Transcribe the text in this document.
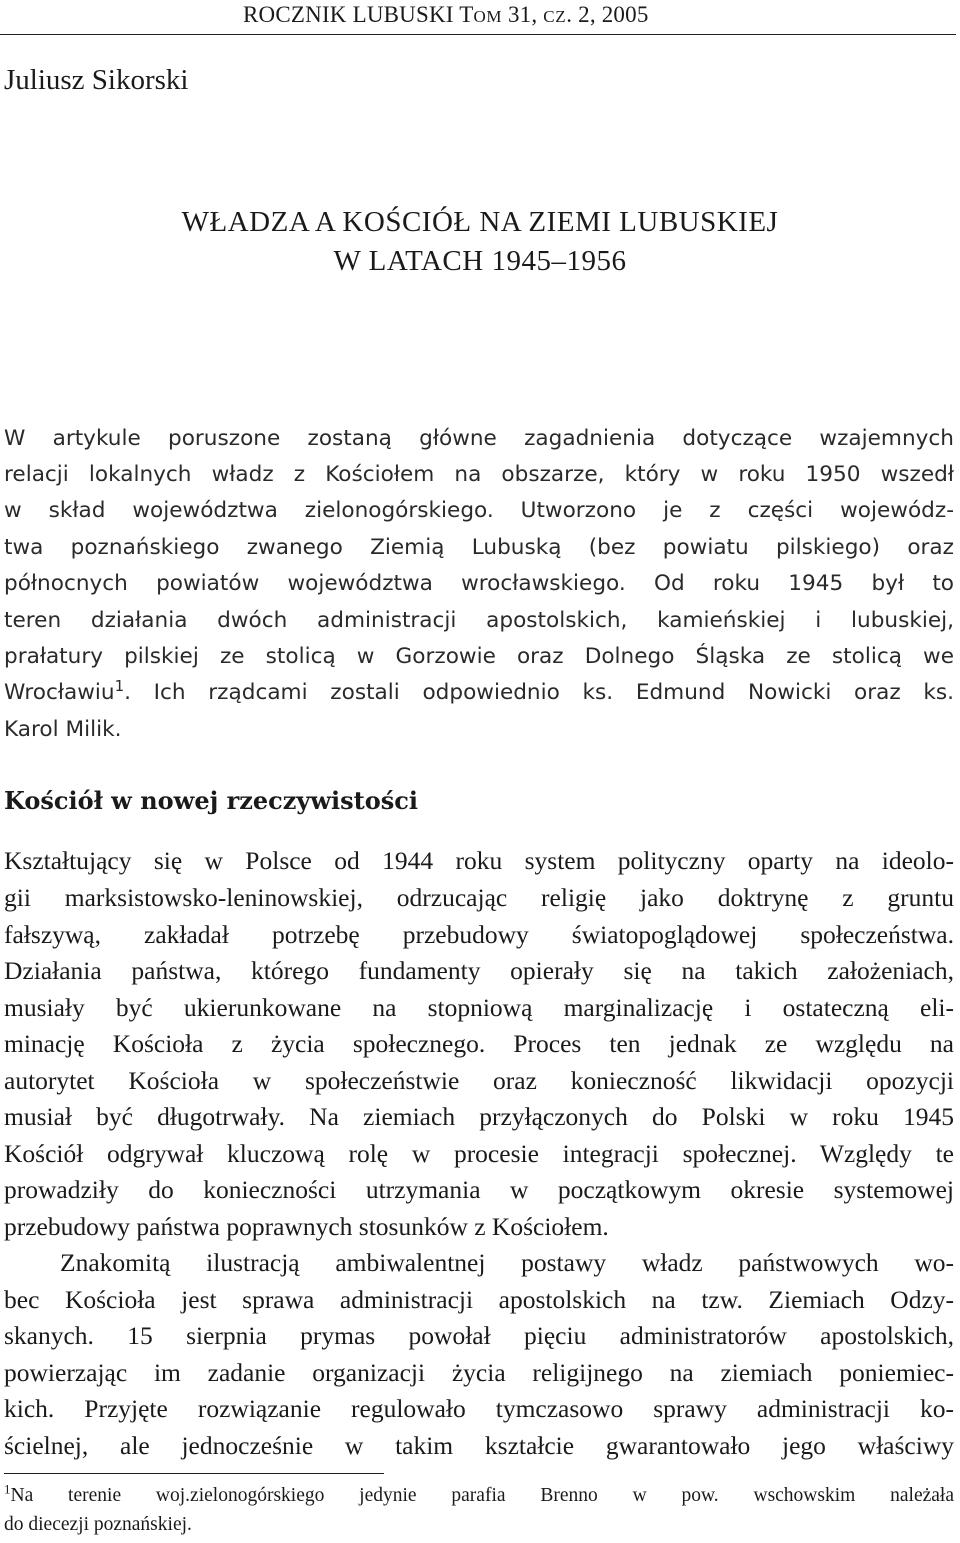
ROCZNIK LUBUSKI TOM 31, CZ. 2, 2005
Juliusz Sikorski
WŁADZA A KOŚCIÓŁ NA ZIEMI LUBUSKIEJ
W LATACH 1945–1956
W artykule poruszone zostaną główne zagadnienia dotyczące wzajemnych
relacji lokalnych władz z Kościołem na obszarze, który w roku 1950 wszedł
w skład województwa zielonogórskiego. Utworzono je z części wojewódz-
twa poznańskiego zwanego Ziemią Lubuską (bez powiatu pilskiego) oraz
północnych powiatów województwa wrocławskiego. Od roku 1945 był to
teren działania dwóch administracji apostolskich, kamieńskiej i lubuskiej,
prałatury pilskiej ze stolicą w Gorzowie oraz Dolnego Śląska ze stolicą we
Wrocławiu$^1$. Ich rządcami zostali odpowiednio ks. Edmund Nowicki oraz ks.
Karol Milik.
Kościół w nowej rzeczywistości
Kształtujący się w Polsce od 1944 roku system polityczny oparty na ideolo-
gii marksistowsko-leninowskiej, odrzucając religię jako doktrynę z gruntu
fałszywą, zakładał potrzebę przebudowy światopoglądowej społeczeństwa.
Działania państwa, którego fundamenty opierały się na takich założeniach,
musiały być ukierunkowane na stopniową marginalizację i ostateczną eli-
minację Kościoła z życia społecznego. Proces ten jednak ze względu na
autorytet Kościoła w społeczeństwie oraz konieczność likwidacji opozycji
musiał być długotrwały. Na ziemiach przyłączonych do Polski w roku 1945
Kościół odgrywał kluczową rolę w procesie integracji społecznej. Względy te
prowadziły do konieczności utrzymania w początkowym okresie systemowej
przebudowy państwa poprawnych stosunków z Kościołem.
Znakomitą ilustracją ambiwalentnej postawy władz państwowych wo-
bec Kościoła jest sprawa administracji apostolskich na tzw. Ziemiach Odzy-
skanych. 15 sierpnia prymas powołał pięciu administratorów apostolskich,
powierzając im zadanie organizacji życia religijnego na ziemiach poniemiec-
kich. Przyjęte rozwiązanie regulowało tymczasowo sprawy administracji ko-
ścielnej, ale jednocześnie w takim kształcie gwarantowało jego właściwy
$^1$Na terenie woj.zielonogórskiego jedynie parafia Brenno w pow. wschowskim należała
do diecezji poznańskiej.
